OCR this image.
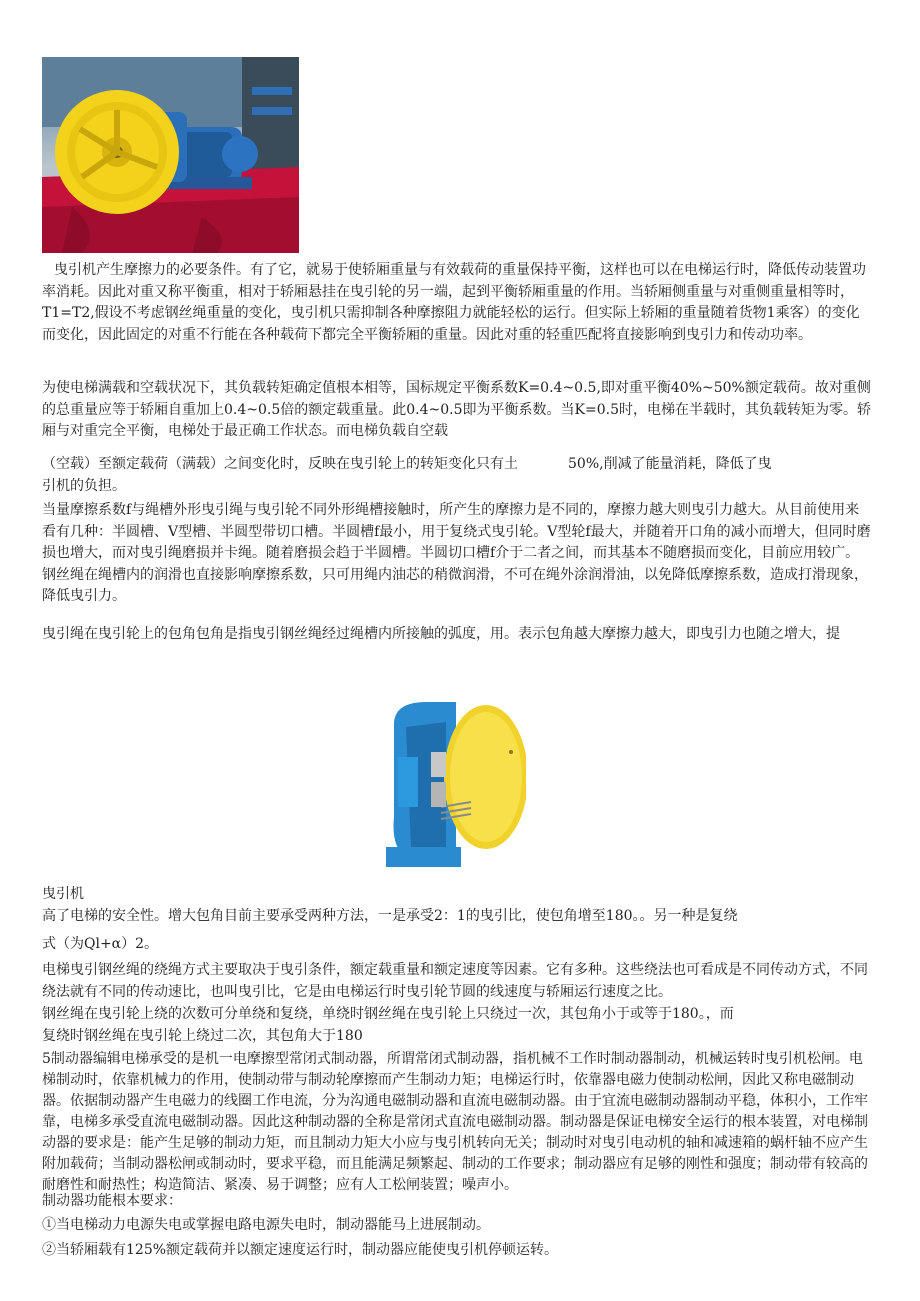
曳引机产生摩擦力的必要条件。有了它，就易于使轿厢重量与有效载荷的重量保持平衡，这样也可以在电梯运行时，降低传动装置功率消耗。因此对重又称平衡重，相对于轿厢悬挂在曳引轮的另一端，起到平衡轿厢重量的作用。当轿厢侧重量与对重侧重量相等时，T1=T2,假设不考虑钢丝绳重量的变化，曳引机只需抑制各种摩擦阻力就能轻松的运行。但实际上轿厢的重量随着货物1乘客）的变化而变化，因此固定的对重不行能在各种载荷下都完全平衡轿厢的重量。因此对重的轻重匹配将直接影响到曳引力和传动功率。

为使电梯满载和空载状况下，其负载转矩确定值根本相等，国标规定平衡系数K=0.4~0.5,即对重平衡40%~50%额定载荷。故对重侧的总重量应等于轿厢自重加上0.4~0.5倍的额定载重量。此0.4~0.5即为平衡系数。当K=0.5时，电梯在半载时，其负载转矩为零。轿厢与对重完全平衡，电梯处于最正确工作状态。而电梯负载自空载

（空载）至额定载荷（满载）之间变化时，反映在曳引轮上的转矩变化只有土	50%,削减了能量消耗，降低了曳
引机的负担。

当量摩擦系数f与绳槽外形曳引绳与曳引轮不同外形绳槽接触时，所产生的摩擦力是不同的，摩擦力越大则曳引力越大。从目前使用来看有几种：半圆槽、V型槽、半圆型带切口槽。半圆槽f最小，用于复绕式曳引轮。V型轮f最大，并随着开口角的减小而增大，但同时磨损也增大，而对曳引绳磨损并卡绳。随着磨损会趋于半圆槽。半圆切口槽f介于二者之间，而其基本不随磨损而变化，目前应用较广。钢丝绳在绳槽内的润滑也直接影响摩擦系数，只可用绳内油芯的稍微润滑，不可在绳外涂润滑油，以免降低摩擦系数，造成打滑现象，降低曳引力。

曳引绳在曳引轮上的包角包角是指曳引钢丝绳经过绳槽内所接触的弧度，用。表示包角越大摩擦力越大，即曳引力也随之增大，提

曳引机

高了电梯的安全性。增大包角目前主要承受两种方法，一是承受2：1的曳引比，使包角增至180。。另一种是复绕

式（为Ql+α）2。

电梯曳引钢丝绳的绕绳方式主要取决于曳引条件，额定载重量和额定速度等因素。它有多种。这些绕法也可看成是不同传动方式，不同绕法就有不同的传动速比，也叫曳引比，它是由电梯运行时曳引轮节圆的线速度与轿厢运行速度之比。

钢丝绳在曳引轮上绕的次数可分单绕和复绕，单绕时钢丝绳在曳引轮上只绕过一次，其包角小于或等于180。，而
复绕时钢丝绳在曳引轮上绕过二次，其包角大于180

5制动器编辑电梯承受的是机一电摩擦型常闭式制动器，所谓常闭式制动器，指机械不工作时制动器制动，机械运转时曳引机松闸。电梯制动时，依靠机械力的作用，使制动带与制动轮摩擦而产生制动力矩；电梯运行时，依靠器电磁力使制动松闸，因此又称电磁制动器。依据制动器产生电磁力的线圈工作电流，分为沟通电磁制动器和直流电磁制动器。由于宜流电磁制动器制动平稳，体积小，工作牢靠，电梯多承受直流电磁制动器。因此这种制动器的全称是常闭式直流电磁制动器。制动器是保证电梯安全运行的根本装置，对电梯制动器的要求是：能产生足够的制动力矩，而且制动力矩大小应与曳引机转向无关；制动时对曳引电动机的轴和减速箱的蜗杆轴不应产生附加载荷；当制动器松闸或制动时，要求平稳，而且能满足频繁起、制动的工作要求；制动器应有足够的刚性和强度；制动带有较高的耐磨性和耐热性；构造简洁、紧凑、易于调整；应有人工松闸装置；噪声小。

制动器功能根本要求：

①当电梯动力电源失电或掌握电路电源失电时，制动器能马上进展制动。

②当轿厢载有125%额定载荷并以额定速度运行时，制动器应能使曳引机停顿运转。
